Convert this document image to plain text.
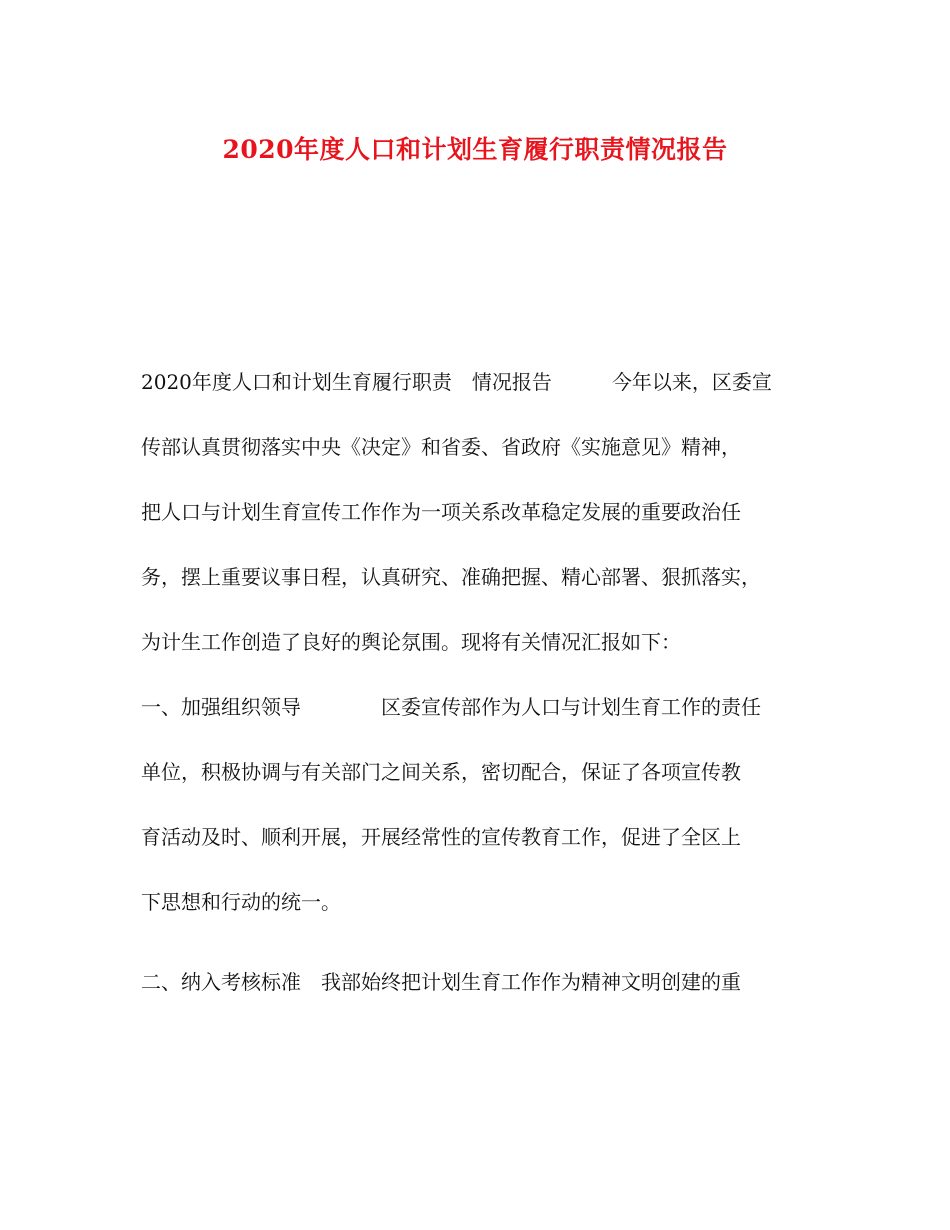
2020年度人口和计划生育履行职责情况报告
2020年度人口和计划生育履行职责　情况报告　　　今年以来，区委宣
传部认真贯彻落实中央《决定》和省委、省政府《实施意见》精神，
把人口与计划生育宣传工作作为一项关系改革稳定发展的重要政治任
务，摆上重要议事日程，认真研究、准确把握、精心部署、狠抓落实，
为计生工作创造了良好的舆论氛围。现将有关情况汇报如下：
一、加强组织领导　　　　区委宣传部作为人口与计划生育工作的责任
单位，积极协调与有关部门之间关系，密切配合，保证了各项宣传教
育活动及时、顺利开展，开展经常性的宣传教育工作，促进了全区上
下思想和行动的统一。
二、纳入考核标准　我部始终把计划生育工作作为精神文明创建的重
